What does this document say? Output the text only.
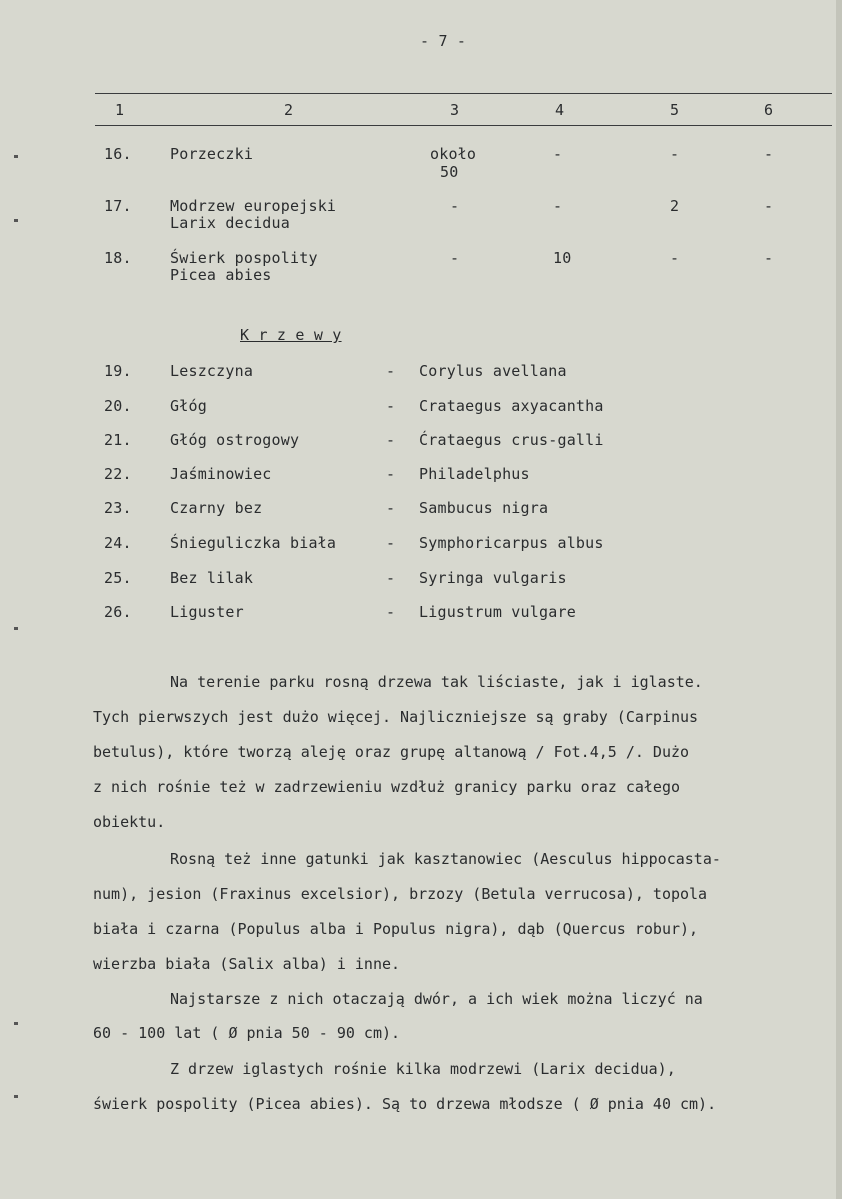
- 7 -
1	2	3	4	5	6
16.	Porzeczki	około
50
-	-	-
17.	Modrzew europejski
Larix decidua
-	-	2	-
18.	Świerk pospolity
Picea abies
-	10	-	-
K r z e w y
19.	Leszczyna	- Corylus avellana
20.	Głóg	- Crataegus axyacantha
21.	Głóg ostrogowy	- Ćrataegus crus-galli
22.	Jaśminowiec	- Philadelphus
23.	Czarny bez	- Sambucus nigra
24.	Śnieguliczka biała	- Symphoricarpus albus
25.	Bez lilak	- Syringa vulgaris
26.	Liguster	- Ligustrum vulgare
Na terenie parku rosną drzewa tak liściaste, jak i iglaste.
Tych pierwszych jest dużo więcej. Najliczniejsze są graby (Carpinus
betulus), które tworzą aleję oraz grupę altanową / Fot.4,5 /. Dużo
z nich rośnie też w zadrzewieniu wzdłuż granicy parku oraz całego
obiektu.
Rosną też inne gatunki jak kasztanowiec (Aesculus hippocasta-
num), jesion (Fraxinus excelsior), brzozy (Betula verrucosa), topola
biała i czarna (Populus alba i Populus nigra), dąb (Quercus robur),
wierzba biała (Salix alba) i inne.
Najstarsze z nich otaczają dwór, a ich wiek można liczyć na
60 - 100 lat ( Ø pnia 50 - 90 cm).
Z drzew iglastych rośnie kilka modrzewi (Larix decidua),
świerk pospolity (Picea abies). Są to drzewa młodsze ( Ø pnia 40 cm).
